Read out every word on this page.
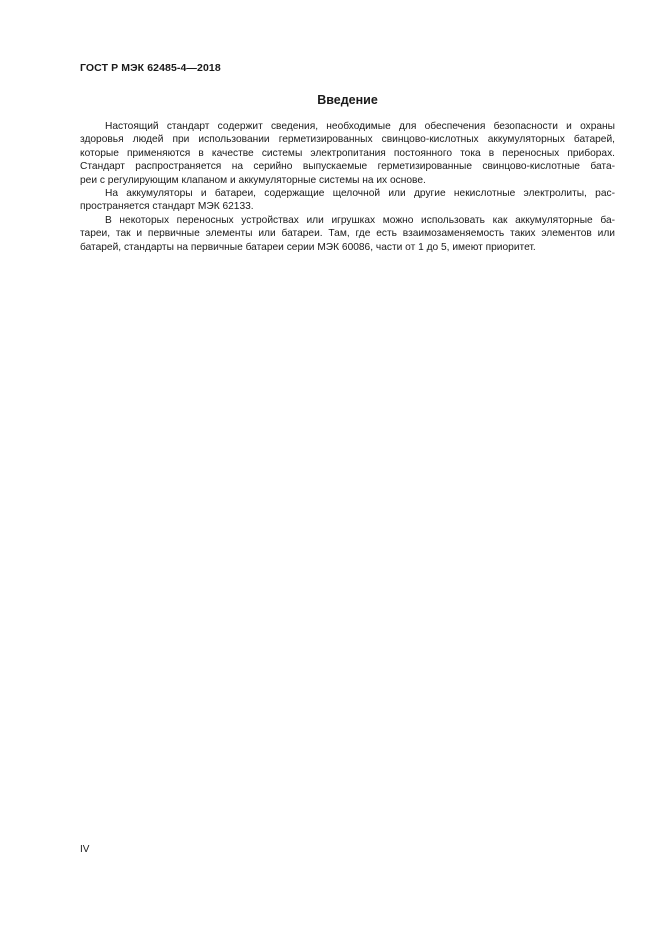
ГОСТ Р МЭК 62485-4—2018
Введение
Настоящий стандарт содержит сведения, необходимые для обеспечения безопасности и охраны
здоровья людей при использовании герметизированных свинцово-кислотных аккумуляторных батарей,
которые применяются в качестве системы электропитания постоянного тока в переносных приборах.
Стандарт распространяется на серийно выпускаемые герметизированные свинцово-кислотные бата-
реи с регулирующим клапаном и аккумуляторные системы на их основе.
На аккумуляторы и батареи, содержащие щелочной или другие некислотные электролиты, рас-
пространяется стандарт МЭК 62133.
В некоторых переносных устройствах или игрушках можно использовать как аккумуляторные ба-
тареи, так и первичные элементы или батареи. Там, где есть взаимозаменяемость таких элементов или
батарей, стандарты на первичные батареи серии МЭК 60086, части от 1 до 5, имеют приоритет.
IV
